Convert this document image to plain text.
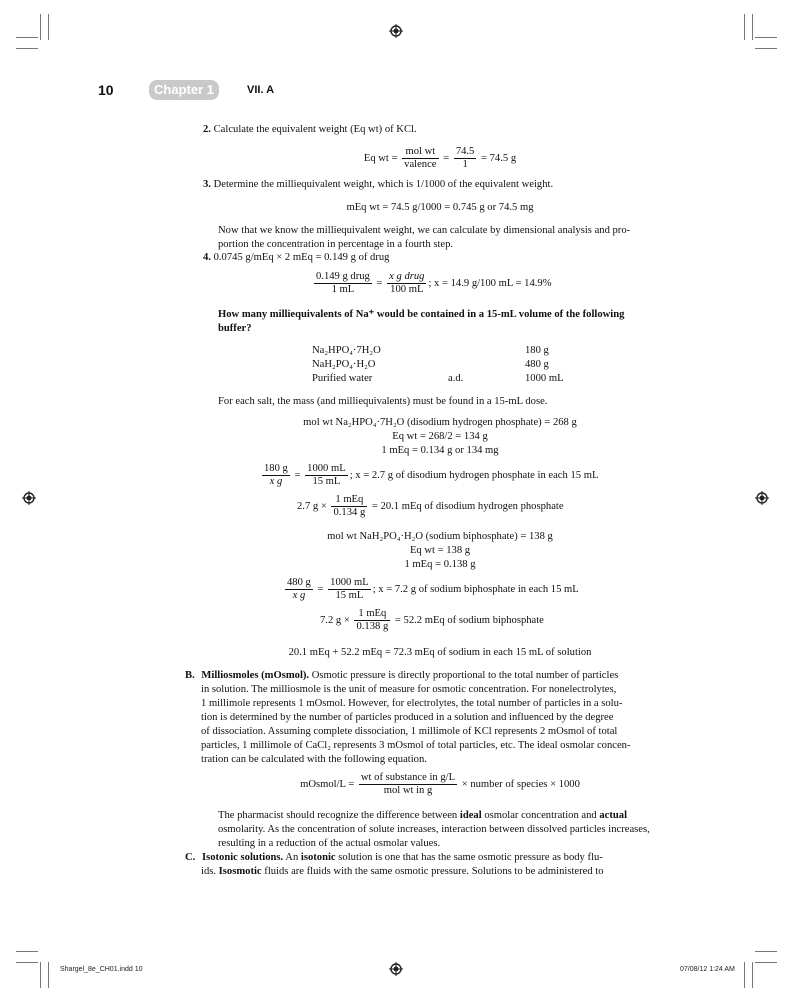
10	Chapter 1	VII. A
2. Calculate the equivalent weight (Eq wt) of KCl.
Eq wt = $\frac{\text{mol wt}}{\text{valence}} = \frac{74.5}{1} = 74.5$ g
3. Determine the milliequivalent weight, which is 1/1000 of the equivalent weight.
mEq wt = 74.5 g/1000 = 0.745 g or 74.5 mg
Now that we know the milliequivalent weight, we can calculate by dimensional analysis and pro-
portion the concentration in percentage in a fourth step.
4. 0.0745 g/mEq × 2 mEq = 0.149 g of drug
$\frac{\text{0.149 g drug}}{1 mL} = \frac{\text{x g drug}}{100 mL}$ ; x = 14.9 g/100 mL = 14.9%
How many milliequivalents of Na⁺ would be contained in a 15-mL volume of the following
buffer?
Na₂HPO₄·7H₂O	180 g
NaH₂PO₄·H₂O	480 g
Purified water	a.d.	1000 mL
For each salt, the mass (and milliequivalents) must be found in a 15-mL dose.
mol wt Na₂HPO₄·7H₂O (disodium hydrogen phosphate) = 268 g
Eq wt = 268/2 = 134 g
1 mEq = 0.134 g or 134 mg
$\frac{180 g}{\text{x g}} = \frac{1000 mL}{15 mL}$ ; x = 2.7 g of disodium hydrogen phosphate in each 15 mL
2.7 $g \times \frac{\text{1 mEq}}{0.134 g} = 20.1$ mEq of disodium hydrogen phosphate
mol wt NaH₂PO₄·H₂O (sodium biphosphate) = 138 g
Eq wt = 138 g
1 mEq = 0.138 g
$\frac{480 g}{\text{x g}} = \frac{1000 mL}{15 mL}$ ; x = 7.2 g of sodium biphosphate in each 15 mL
7.2 $g \times \frac{\text{1 mEq}}{0.138 g} = 52.2$ mEq of sodium biphosphate
20.1 mEq + 52.2 mEq = 72.3 mEq of sodium in each 15 mL of solution
B. Milliosmoles (mOsmol). Osmotic pressure is directly proportional to the total number of particles
in solution. The milliosmole is the unit of measure for osmotic concentration. For nonelectrolytes,
1 millimole represents 1 mOsmol. However, for electrolytes, the total number of particles in a solu-
tion is determined by the number of particles produced in a solution and influenced by the degree
of dissociation. Assuming complete dissociation, 1 millimole of KCl represents 2 mOsmol of total
particles, 1 millimole of CaCl₂ represents 3 mOsmol of total particles, etc. The ideal osmolar concen-
tration can be calculated with the following equation.
mOsmol/L = $\frac{\text{wt of substance in g/L}}{\text{mol wt in g}}$ × number of species × 1000
The pharmacist should recognize the difference between ideal osmolar concentration and actual
osmolarity. As the concentration of solute increases, interaction between dissolved particles increases,
resulting in a reduction of the actual osmolar values.
C. Isotonic solutions. An isotonic solution is one that has the same osmotic pressure as body flu-
ids. Isosmotic fluids are fluids with the same osmotic pressure. Solutions to be administered to
Shargel_8e_CH01.indd 10	07/08/12 1:24 AM
